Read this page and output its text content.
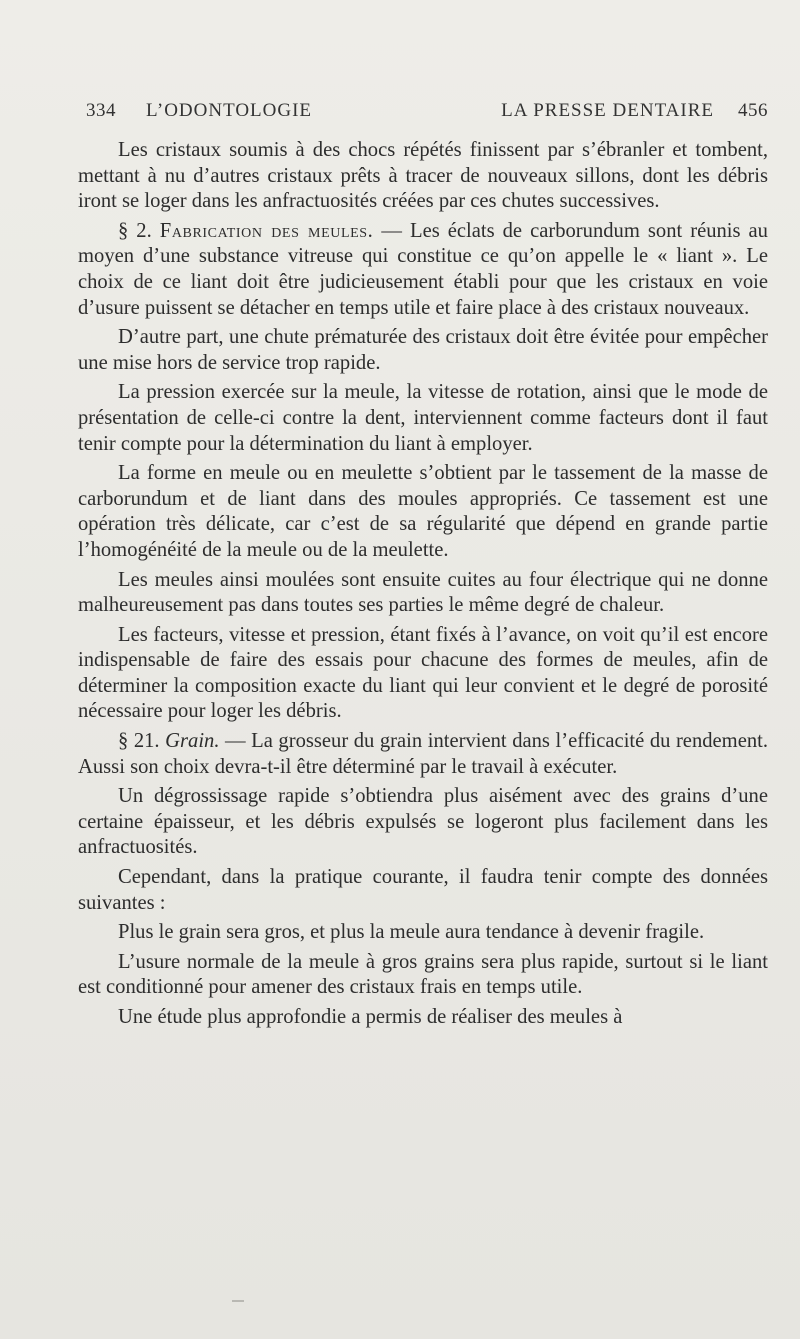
334 L’ODONTOLOGIE	LA PRESSE DENTAIRE 456

Les cristaux soumis à des chocs répétés finissent par s’ébranler et tombent, mettant à nu d’autres cristaux prêts à tracer de nouveaux sillons, dont les débris iront se loger dans les anfractuosités créées par ces chutes successives.

§ 2. Fabrication des meules. — Les éclats de carborundum sont réunis au moyen d’une substance vitreuse qui constitue ce qu’on appelle le « liant ». Le choix de ce liant doit être judicieusement établi pour que les cristaux en voie d’usure puissent se détacher en temps utile et faire place à des cristaux nouveaux.

D’autre part, une chute prématurée des cristaux doit être évitée pour empêcher une mise hors de service trop rapide.

La pression exercée sur la meule, la vitesse de rotation, ainsi que le mode de présentation de celle-ci contre la dent, interviennent comme facteurs dont il faut tenir compte pour la détermination du liant à employer.

La forme en meule ou en meulette s’obtient par le tassement de la masse de carborundum et de liant dans des moules appropriés. Ce tassement est une opération très délicate, car c’est de sa régularité que dépend en grande partie l’homogénéité de la meule ou de la meulette.

Les meules ainsi moulées sont ensuite cuites au four électrique qui ne donne malheureusement pas dans toutes ses parties le même degré de chaleur.

Les facteurs, vitesse et pression, étant fixés à l’avance, on voit qu’il est encore indispensable de faire des essais pour chacune des formes de meules, afin de déterminer la composition exacte du liant qui leur convient et le degré de porosité nécessaire pour loger les débris.

§ 21. Grain. — La grosseur du grain intervient dans l’efficacité du rendement. Aussi son choix devra-t-il être déterminé par le travail à exécuter.

Un dégrossissage rapide s’obtiendra plus aisément avec des grains d’une certaine épaisseur, et les débris expulsés se logeront plus facilement dans les anfractuosités.

Cependant, dans la pratique courante, il faudra tenir compte des données suivantes :

Plus le grain sera gros, et plus la meule aura tendance à devenir fragile.

L’usure normale de la meule à gros grains sera plus rapide, surtout si le liant est conditionné pour amener des cristaux frais en temps utile.

Une étude plus approfondie a permis de réaliser des meules à
